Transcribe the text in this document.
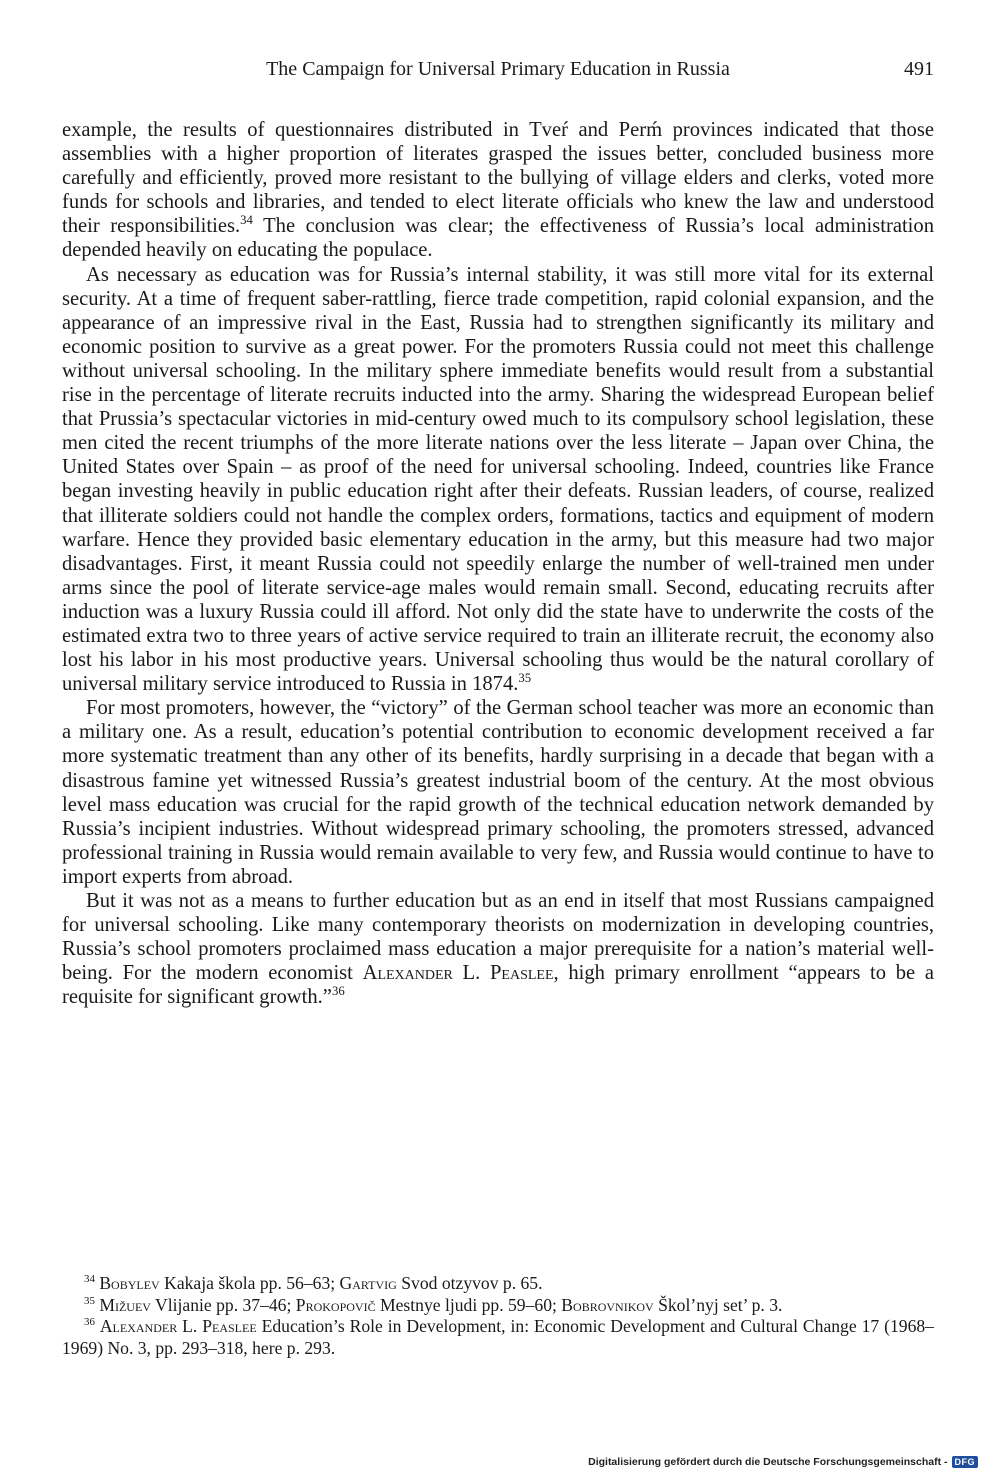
The Campaign for Universal Primary Education in Russia	491

example, the results of questionnaires distributed in Tveŕ and Perḿ provinces indicated that those assemblies with a higher proportion of literates grasped the issues better, concluded business more carefully and efficiently, proved more resistant to the bullying of village elders and clerks, voted more funds for schools and libraries, and tended to elect literate officials who knew the law and understood their responsibilities.$^{34}$ The conclusion was clear; the effectiveness of Russia’s local administration depended heavily on educating the populace.

As necessary as education was for Russia’s internal stability, it was still more vital for its external security. At a time of frequent saber-rattling, fierce trade competition, rapid colonial expansion, and the appearance of an impressive rival in the East, Russia had to strengthen significantly its military and economic position to survive as a great power. For the promoters Russia could not meet this challenge without universal schooling. In the military sphere immediate benefits would result from a substantial rise in the percentage of literate recruits inducted into the army. Sharing the widespread European belief that Prussia’s spectacular victories in mid-century owed much to its compulsory school legislation, these men cited the recent triumphs of the more literate nations over the less literate – Japan over China, the United States over Spain – as proof of the need for universal schooling. Indeed, countries like France began investing heavily in public education right after their defeats. Russian leaders, of course, realized that illiterate soldiers could not handle the complex orders, formations, tactics and equipment of modern warfare. Hence they provided basic elementary education in the army, but this measure had two major disadvantages. First, it meant Russia could not speedily enlarge the number of well-trained men under arms since the pool of literate service-age males would remain small. Second, educating recruits after induction was a luxury Russia could ill afford. Not only did the state have to underwrite the costs of the estimated extra two to three years of active service required to train an illiterate recruit, the economy also lost his labor in his most productive years. Universal schooling thus would be the natural corollary of universal military service introduced to Russia in 1874.35

For most promoters, however, the “victory” of the German school teacher was more an economic than a military one. As a result, education’s potential contribution to economic development received a far more systematic treatment than any other of its benefits, hardly surprising in a decade that began with a disastrous famine yet witnessed Russia’s greatest industrial boom of the century. At the most obvious level mass education was crucial for the rapid growth of the technical education network demanded by Russia’s incipient industries. Without widespread primary schooling, the promoters stressed, advanced professional training in Russia would remain available to very few, and Russia would continue to have to import experts from abroad.

But it was not as a means to further education but as an end in itself that most Russians campaigned for universal schooling. Like many contemporary theorists on modernization in developing countries, Russia’s school promoters proclaimed mass education a major prerequisite for a nation’s material well-being. For the modern economist Alexander L. Peaslee, high primary enrollment “appears to be a requisite for significant growth.”$^{36}$

$^{34}$ Bobylev Kakaja škola pp. 56–63; Gartvig Svod otzyvov p. 65.

$^{35}$ Mižuev Vlijanie pp. 37–46; Prokopovič Mestnye ljudi pp. 59–60; Bobrovnikov Škol’nyj set’ p. 3.

$^{36}$ Alexander L. Peaslee Education’s Role in Development, in: Economic Development and Cultural Change 17 (1968–1969) No. 3, pp. 293–318, here p. 293.

Digitalisierung gefördert durch die Deutsche Forschungsgemeinschaft - DFG
